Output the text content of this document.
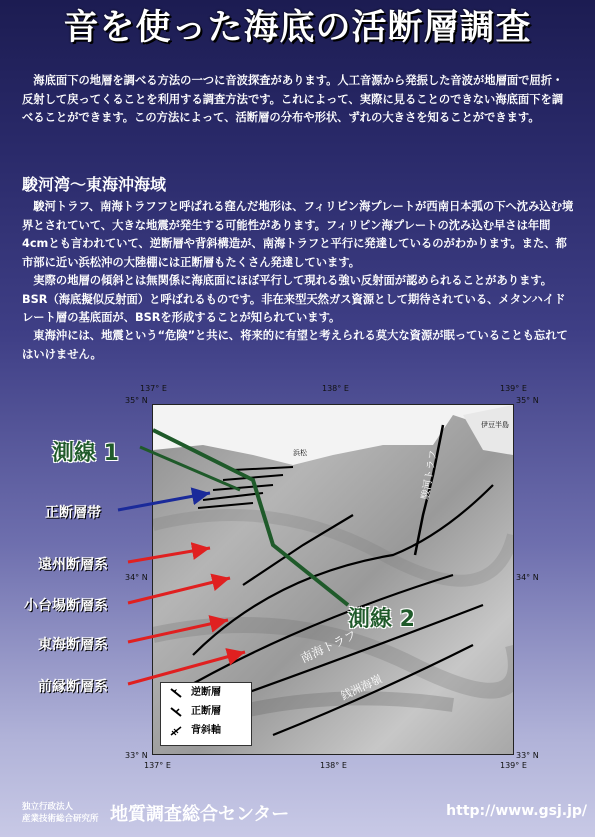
音を使った海底の活断層調査

海底面下の地層を調べる方法の一つに音波探査があります。人工音源から発振した音波が地層面で屈折・反射して戻ってくることを利用する調査方法です。これによって、実際に見ることのできない海底面下を調べることができます。この方法によって、活断層の分布や形状、ずれの大きさを知ることができます。

駿河湾〜東海沖海域

駿河トラフ、南海トラフフと呼ばれる窪んだ地形は、フィリピン海プレートが西南日本弧の下へ沈み込む境界とされていて、大きな地震が発生する可能性があります。フィリピン海プレートの沈み込む早さは年間4cmとも言われていて、逆断層や背斜構造が、南海トラフと平行に発達しているのがわかります。また、都市部に近い浜松沖の大陸棚には正断層もたくさん発達しています。

実際の地層の傾斜とは無関係に海底面にほぼ平行して現れる強い反射面が認められることがあります。BSR（海底擬似反射面）と呼ばれるものです。非在来型天然ガス資源として期待されている、メタンハイドレート層の基底面が、BSRを形成することが知られています。

東海沖には、地震という“危険”と共に、将来的に有望と考えられる莫大な資源が眠っていることも忘れてはいけません。

137° E	138° E	139° E
35° N
34° N
33° N
35° N
34° N
33° N
137° E	138° E	139° E
浜松
伊豆半島
駿河トラフ
南海トラフ
銭洲海嶺
測線 1
測線 2
正断層帯
遠州断層系
小台場断層系
東海断層系
前縁断層系	逆断層
正断層
背斜軸
独立行政法人
産業技術総合研究所 地質調査総合センター	http://www.gsj.jp/
